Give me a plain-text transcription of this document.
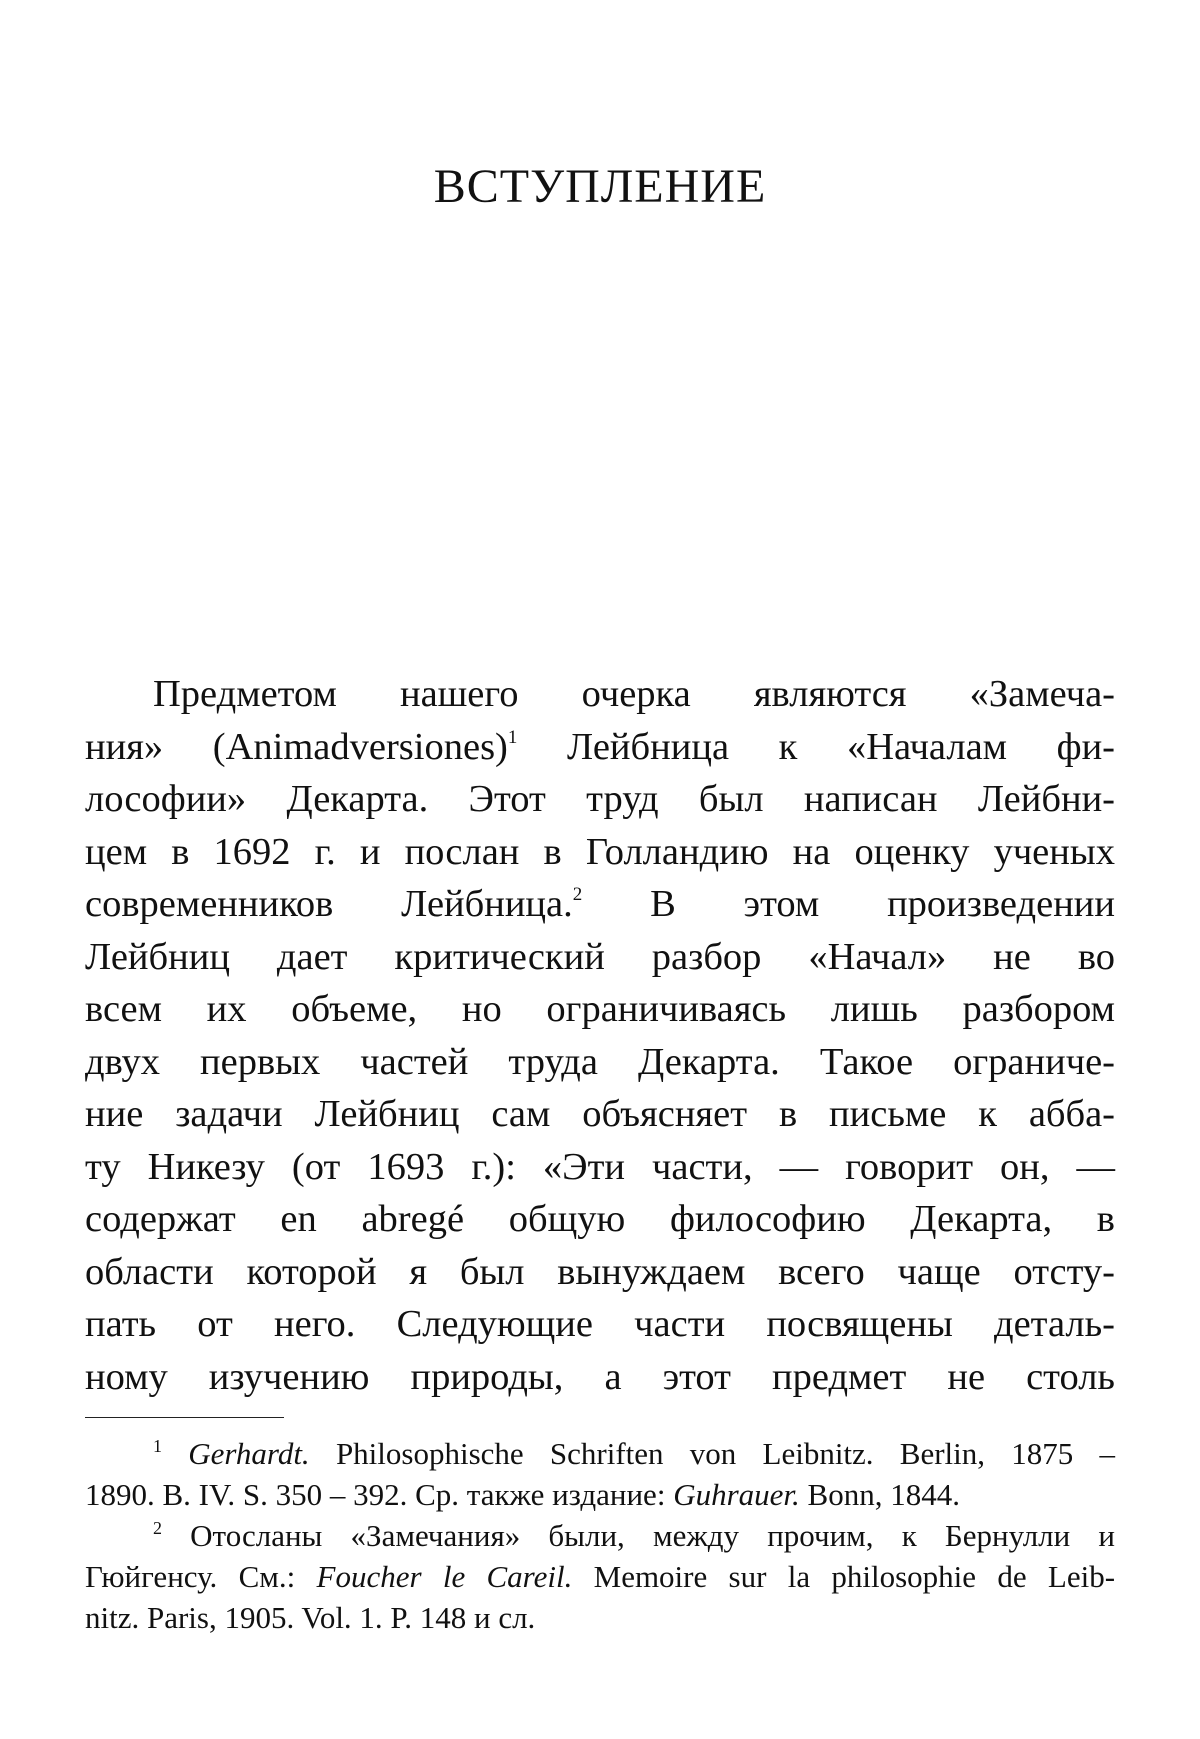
ВСТУПЛЕНИЕ
Предметом нашего очерка являются «Замеча-
ния» (Animadversiones)$^1$ Лейбница к «Началам фи-
лософии» Декарта. Этот труд был написан Лейбни-
цем в 1692 г. и послан в Голландию на оценку ученых
современников Лейбница.$^2$ В этом произведении
Лейбниц дает критический разбор «Начал» не во
всем их объеме, но ограничиваясь лишь разбором
двух первых частей труда Декарта. Такое ограниче-
ние задачи Лейбниц сам объясняет в письме к абба-
ту Никезу (от 1693 г.): «Эти части, — говорит он, —
содержат en abregé общую философию Декарта, в
области которой я был вынуждаем всего чаще отсту-
пать от него. Следующие части посвящены деталь-
ному изучению природы, а этот предмет не столь
$^1$ Gerhardt. Philosophische Schriften von Leibnitz. Berlin, 1875 –
1890. B. IV. S. 350 – 392. Ср. также издание: Guhrauer. Bonn, 1844.
$^2$ Отосланы «Замечания» были, между прочим, к Бернулли и
Гюйгенсу. См.: Foucher le Careil. Memoire sur la philosophie de Leib-
nitz. Paris, 1905. Vol. 1. P. 148 и сл.
